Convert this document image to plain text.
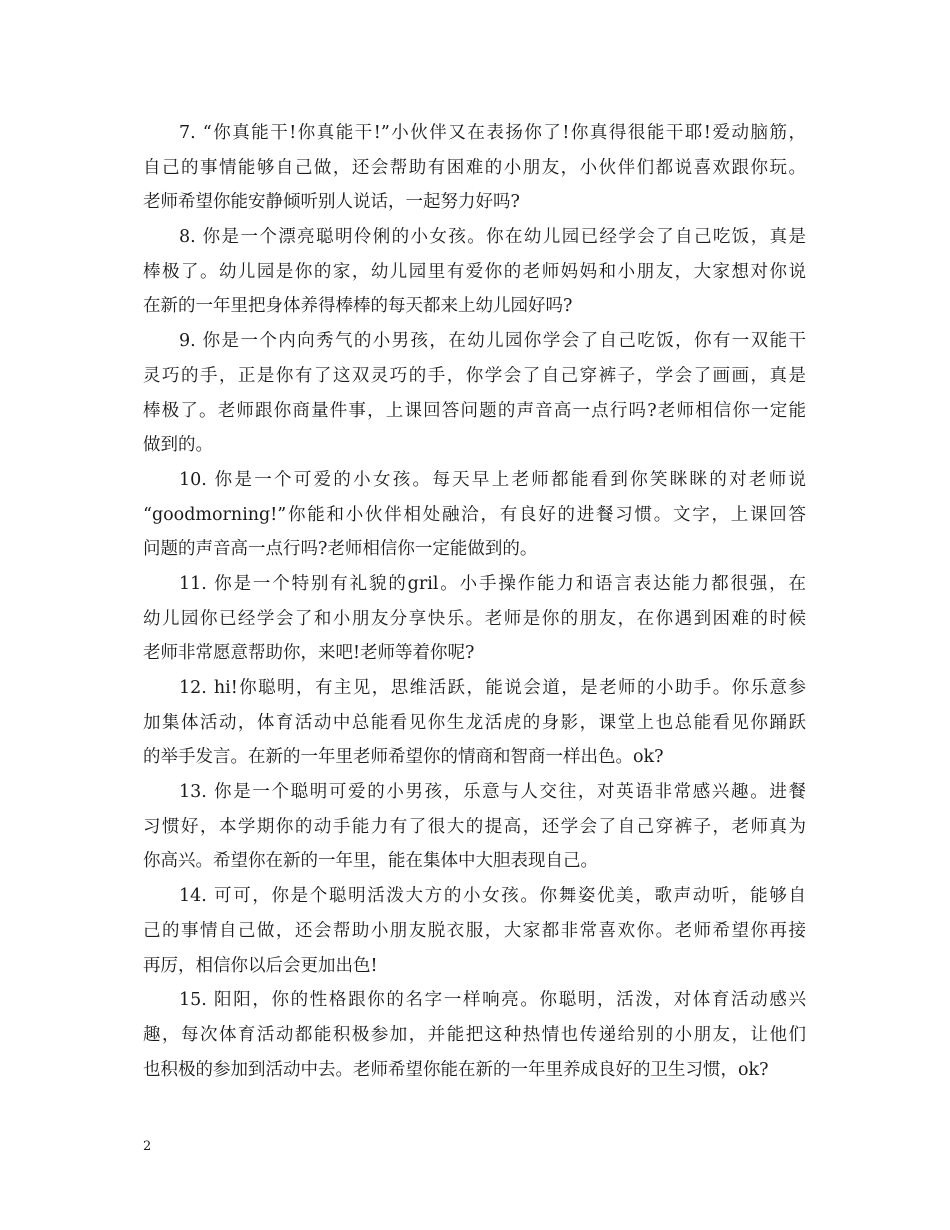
7. “你真能干!你真能干!”小伙伴又在表扬你了!你真得很能干耶!爱动脑筋，
自己的事情能够自己做，还会帮助有困难的小朋友，小伙伴们都说喜欢跟你玩。
老师希望你能安静倾听别人说话，一起努力好吗?
8. 你是一个漂亮聪明伶俐的小女孩。你在幼儿园已经学会了自己吃饭，真是
棒极了。幼儿园是你的家，幼儿园里有爱你的老师妈妈和小朋友，大家想对你说
在新的一年里把身体养得棒棒的每天都来上幼儿园好吗?
9. 你是一个内向秀气的小男孩，在幼儿园你学会了自己吃饭，你有一双能干
灵巧的手，正是你有了这双灵巧的手，你学会了自己穿裤子，学会了画画，真是
棒极了。老师跟你商量件事，上课回答问题的声音高一点行吗?老师相信你一定能
做到的。
10. 你是一个可爱的小女孩。每天早上老师都能看到你笑眯眯的对老师说
“goodmorning!”你能和小伙伴相处融洽，有良好的进餐习惯。文字，上课回答
问题的声音高一点行吗?老师相信你一定能做到的。
11. 你是一个特别有礼貌的gril。小手操作能力和语言表达能力都很强，在
幼儿园你已经学会了和小朋友分享快乐。老师是你的朋友，在你遇到困难的时候
老师非常愿意帮助你，来吧!老师等着你呢?
12. hi!你聪明，有主见，思维活跃，能说会道，是老师的小助手。你乐意参
加集体活动，体育活动中总能看见你生龙活虎的身影，课堂上也总能看见你踊跃
的举手发言。在新的一年里老师希望你的情商和智商一样出色。ok?
13. 你是一个聪明可爱的小男孩，乐意与人交往，对英语非常感兴趣。进餐
习惯好，本学期你的动手能力有了很大的提高，还学会了自己穿裤子，老师真为
你高兴。希望你在新的一年里，能在集体中大胆表现自己。
14. 可可，你是个聪明活泼大方的小女孩。你舞姿优美，歌声动听，能够自
己的事情自己做，还会帮助小朋友脱衣服，大家都非常喜欢你。老师希望你再接
再厉，相信你以后会更加出色!
15. 阳阳，你的性格跟你的名字一样响亮。你聪明，活泼，对体育活动感兴
趣，每次体育活动都能积极参加，并能把这种热情也传递给别的小朋友，让他们
也积极的参加到活动中去。老师希望你能在新的一年里养成良好的卫生习惯，ok?
2
